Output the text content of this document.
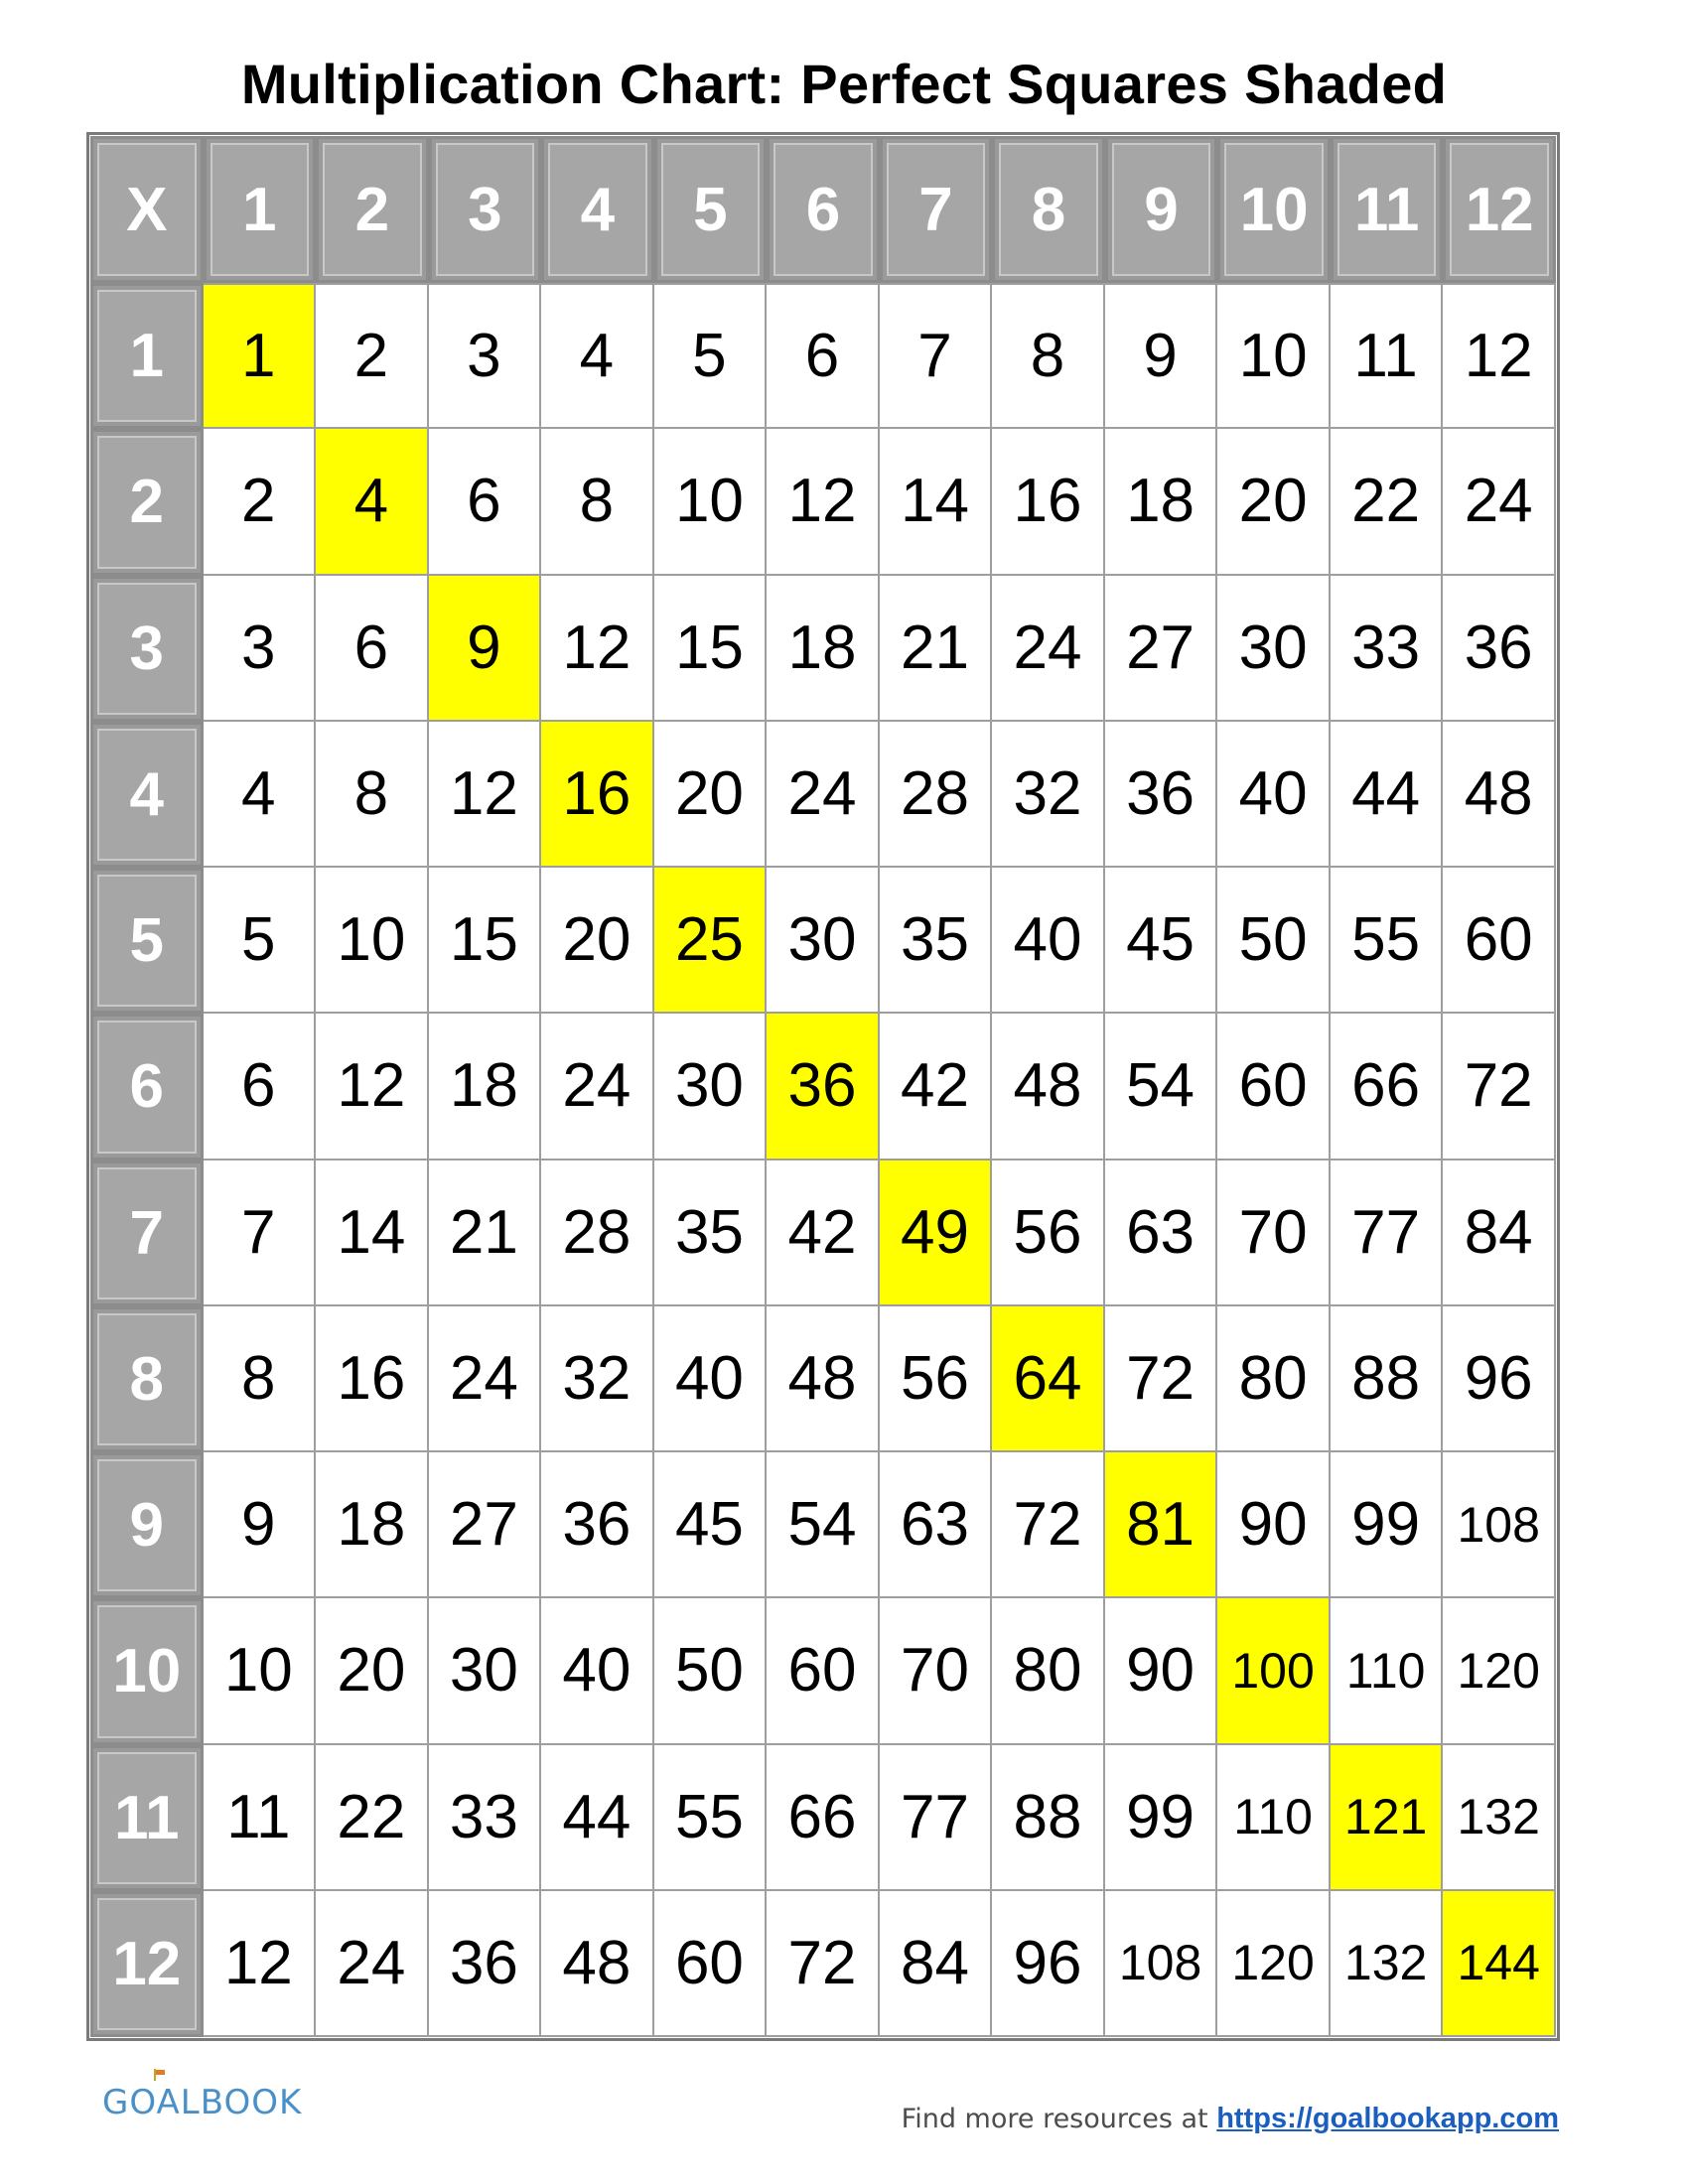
Multiplication Chart: Perfect Squares Shaded
X	1	2	3	4	5	6	7	8	9	10	11	12
1	1	2	3	4	5	6	7	8	9	10	11	12
2	2	4	6	8	10	12	14	16	18	20	22	24
3	3	6	9	12	15	18	21	24	27	30	33	36
4	4	8	12	16	20	24	28	32	36	40	44	48
5	5	10	15	20	25	30	35	40	45	50	55	60
6	6	12	18	24	30	36	42	48	54	60	66	72
7	7	14	21	28	35	42	49	56	63	70	77	84
8	8	16	24	32	40	48	56	64	72	80	88	96
9	9	18	27	36	45	54	63	72	81	90	99	108
10	10	20	30	40	50	60	70	80	90	100	110	120
11	11	22	33	44	55	66	77	88	99	110	121	132
12	12	24	36	48	60	72	84	96	108	120	132	144
GOALBOOK	Find more resources at https://goalbookapp.com
